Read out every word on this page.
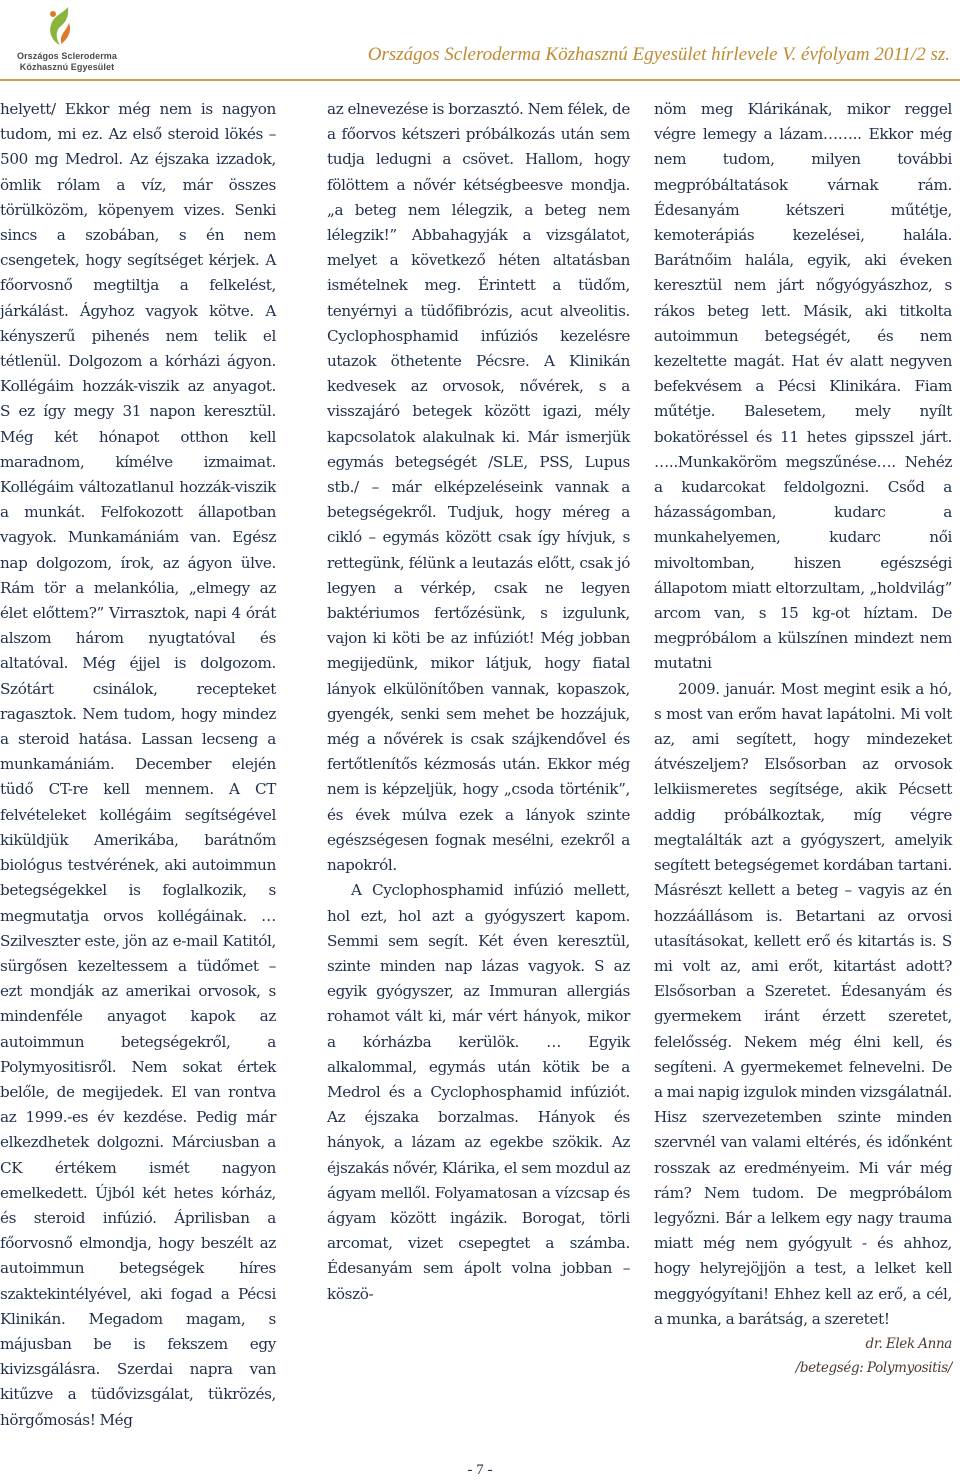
Országos Scleroderma
Közhasznú Egyesület
Országos Scleroderma Közhasznú Egyesület hírlevele V. évfolyam 2011/2 sz.

helyett/ Ekkor még nem is nagyon tudom, mi ez. Az első steroid lökés – 500 mg Medrol. Az éjszaka izzadok, ömlik rólam a víz, már összes törülközöm, köpenyem vizes. Senki sincs a szobában, s én nem csengetek, hogy segítséget kérjek. A főorvosnő megtiltja a felkelést, járkálást. Ágyhoz vagyok kötve. A kényszerű pihenés nem telik el tétlenül. Dolgozom a kórházi ágyon. Kollégáim hozzák-viszik az anyagot. S ez így megy 31 napon keresztül. Még két hónapot otthon kell maradnom, kímélve izmaimat. Kollégáim változatlanul hozzák-viszik a munkát. Felfokozott állapotban vagyok. Munkamániám van. Egész nap dolgozom, írok, az ágyon ülve. Rám tör a melankólia, „elmegy az élet előttem?” Virrasztok, napi 4 órát alszom három nyugtatóval és altatóval. Még éjjel is dolgozom. Szótárt csinálok, recepteket ragasztok. Nem tudom, hogy mindez a steroid hatása. Lassan lecseng a munkamániám. December elején tüdő CT-re kell mennem. A CT felvételeket kollégáim segítségével kiküldjük Amerikába, barátnőm biológus testvérének, aki autoimmun betegségekkel is foglalkozik, s megmutatja orvos kollégáinak. …Szilveszter este, jön az e-mail Katitól, sürgősen kezeltessem a tüdőmet – ezt mondják az amerikai orvosok, s mindenféle anyagot kapok az autoimmun betegségekről, a Polymyositisről. Nem sokat értek belőle, de megijedek. El van rontva az 1999.-es év kezdése. Pedig már elkezdhetek dolgozni. Márciusban a CK értékem ismét nagyon emelkedett. Újból két hetes kórház, és steroid infúzió. Áprilisban a főorvosnő elmondja, hogy beszélt az autoimmun betegségek híres szaktekintélyével, aki fogad a Pécsi Klinikán. Megadom magam, s májusban be is fekszem egy kivizsgálásra. Szerdai napra van kitűzve a tüdővizsgálat, tükrözés, hörgőmosás! Még

az elnevezése is borzasztó. Nem félek, de a főorvos kétszeri próbálkozás után sem tudja ledugni a csövet. Hallom, hogy fölöttem a nővér kétségbeesve mondja. „a beteg nem lélegzik, a beteg nem lélegzik!” Abbahagyják a vizsgálatot, melyet a következő héten altatásban ismételnek meg. Érintett a tüdőm, tenyérnyi a tüdőfibrózis, acut alveolitis. Cyclophosphamid infúziós kezelésre utazok öthetente Pécsre. A Klinikán kedvesek az orvosok, nővérek, s a visszajáró betegek között igazi, mély kapcsolatok alakulnak ki. Már ismerjük egymás betegségét /SLE, PSS, Lupus stb./ – már elképzeléseink vannak a betegségekről. Tudjuk, hogy méreg a cikló – egymás között csak így hívjuk, s rettegünk, félünk a leutazás előtt, csak jó legyen a vérkép, csak ne legyen baktériumos fertőzésünk, s izgulunk, vajon ki köti be az infúziót! Még jobban megijedünk, mikor látjuk, hogy fiatal lányok elkülönítőben vannak, kopaszok, gyengék, senki sem mehet be hozzájuk, még a nővérek is csak szájkendővel és fertőtlenítős kézmosás után. Ekkor még nem is képzeljük, hogy „csoda történik”, és évek múlva ezek a lányok szinte egészségesen fognak mesélni, ezekről a napokról.

A Cyclophosphamid infúzió mellett, hol ezt, hol azt a gyógyszert kapom. Semmi sem segít. Két éven keresztül, szinte minden nap lázas vagyok. S az egyik gyógyszer, az Immuran allergiás rohamot vált ki, már vért hányok, mikor a kórházba kerülök. … Egyik alkalommal, egymás után kötik be a Medrol és a Cyclophosphamid infúziót. Az éjszaka borzalmas. Hányok és hányok, a lázam az egekbe szökik. Az éjszakás nővér, Klárika, el sem mozdul az ágyam mellől. Folyamatosan a vízcsap és ágyam között ingázik. Borogat, törli arcomat, vizet csepegtet a számba. Édesanyám sem ápolt volna jobban – köszö-

nöm meg Klárikának, mikor reggel végre lemegy a lázam…….. Ekkor még nem tudom, milyen további megpróbáltatások várnak rám. Édesanyám kétszeri műtétje, kemoterápiás kezelései, halála. Barátnőim halála, egyik, aki éveken keresztül nem járt nőgyógyászhoz, s rákos beteg lett. Másik, aki titkolta autoimmun betegségét, és nem kezeltette magát. Hat év alatt negyven befekvésem a Pécsi Klinikára. Fiam műtétje. Balesetem, mely nyílt bokatöréssel és 11 hetes gipsszel járt. …..Munkaköröm megszűnése…. Nehéz a kudarcokat feldolgozni. Csőd a házasságomban, kudarc a munkahelyemen, kudarc női mivoltomban, hiszen egészségi állapotom miatt eltorzultam, „holdvilág” arcom van, s 15 kg-ot híztam. De megpróbálom a külszínen mindezt nem mutatni

2009. január. Most megint esik a hó, s most van erőm havat lapátolni. Mi volt az, ami segített, hogy mindezeket átvészeljem? Elsősorban az orvosok lelkiismeretes segítsége, akik Pécsett addig próbálkoztak, míg végre megtalálták azt a gyógyszert, amelyik segített betegségemet kordában tartani. Másrészt kellett a beteg – vagyis az én hozzáállásom is. Betartani az orvosi utasításokat, kellett erő és kitartás is. S mi volt az, ami erőt, kitartást adott? Elsősorban a Szeretet. Édesanyám és gyermekem iránt érzett szeretet, felelősség. Nekem még élni kell, és segíteni. A gyermekemet felnevelni. De a mai napig izgulok minden vizsgálatnál. Hisz szervezetemben szinte minden szervnél van valami eltérés, és időnként rosszak az eredményeim. Mi vár még rám? Nem tudom. De megpróbálom legyőzni. Bár a lelkem egy nagy trauma miatt még nem gyógyult - és ahhoz, hogy helyrejöjjön a test, a lelket kell meggyógyítani! Ehhez kell az erő, a cél, a munka, a barátság, a szeretet!

dr. Elek Anna

/betegség: Polymyositis/

- 7 -
